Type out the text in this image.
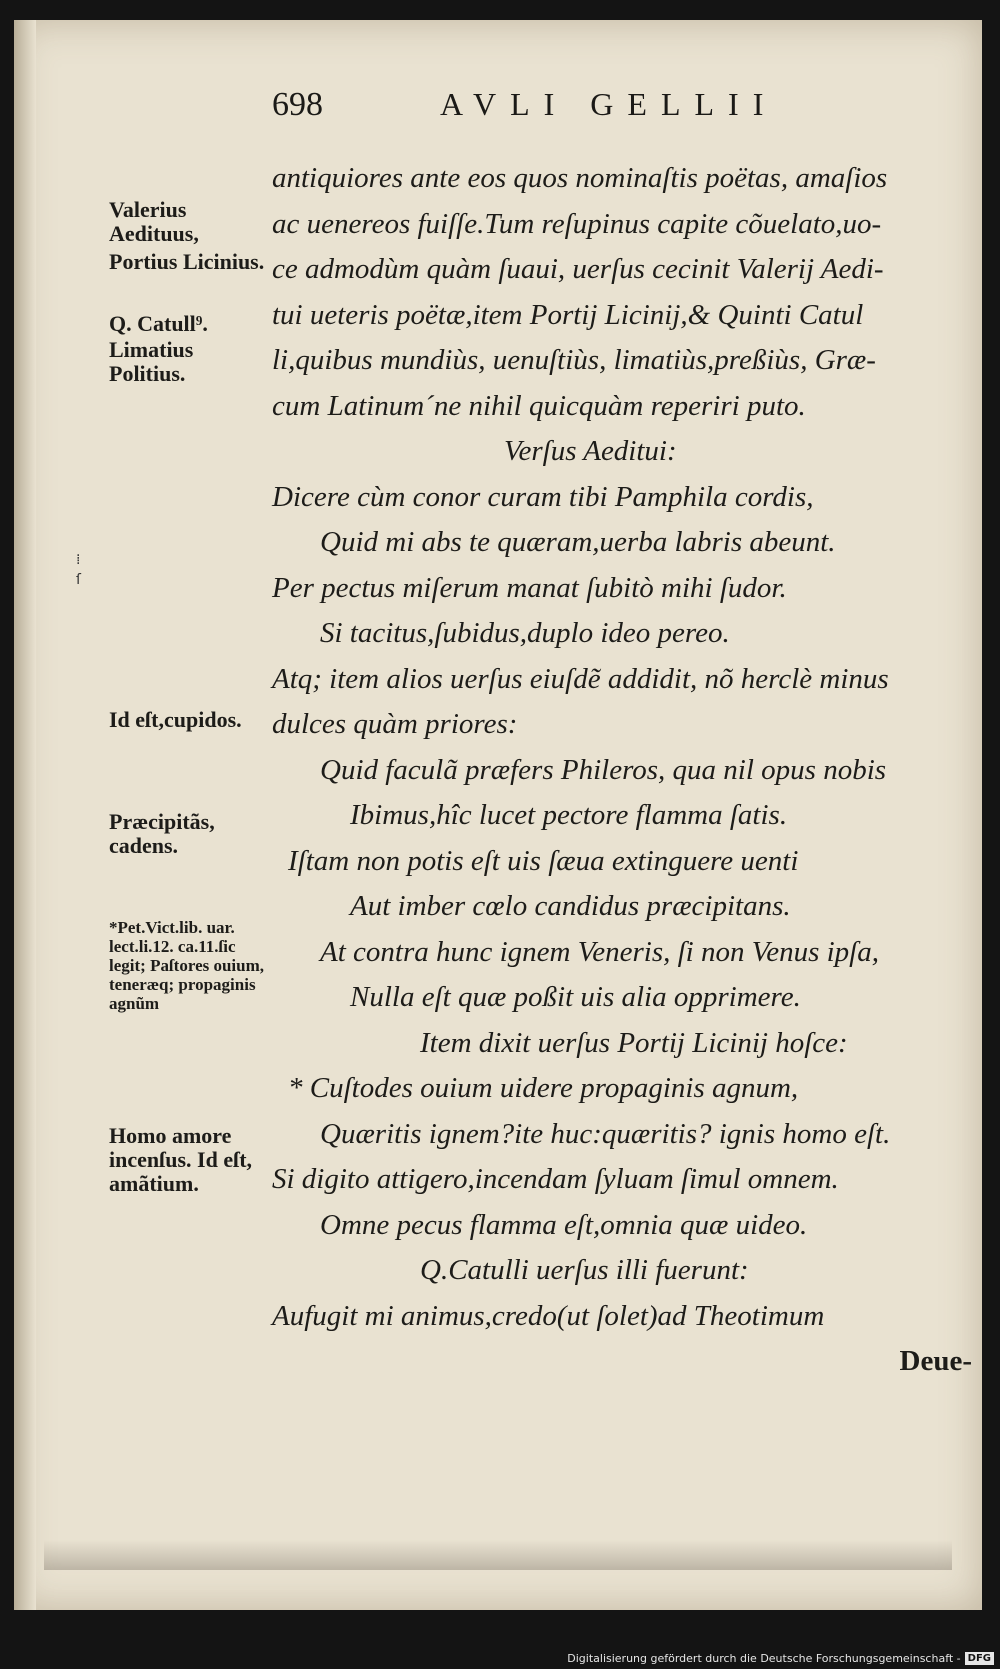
698	AVLI GELLII
Valerius Aedituus,
Portius Licinius.
Q. Catull⁹.
Limatius Politius.
Id eſt,cupidos.
Præcipitãs, cadens.
*Pet.Vict.lib. uar. lect.li.12. ca.11.ſic legit; Paſtores ouium, teneræq; propaginis agnũm
Homo amore incenſus. Id eſt, amãtium.
⁞
ſ
antiquiores ante eos quos nominaſtis poëtas, amaſios
ac uenereos fuiſſe.Tum reſupinus capite cõuelato,uo-
ce admodùm quàm ſuaui, uerſus cecinit Valerij Aedi-
tui ueteris poëtæ,item Portij Licinij,& Quinti Catul
li,quibus mundiùs, uenuſtiùs, limatiùs,preßiùs, Græ-
cum Latinum´ne nihil quicquàm reperiri puto.
Verſus Aeditui:
Dicere cùm conor curam tibi Pamphila cordis,
Quid mi abs te quæram,uerba labris abeunt.
Per pectus miſerum manat ſubitò mihi ſudor.
Si tacitus,ſubidus,duplo ideo pereo.
Atq; item alios uerſus eiuſdẽ addidit, nõ herclè minus
dulces quàm priores:
Quid faculã præfers Phileros, qua nil opus nobis
Ibimus,hîc lucet pectore flamma ſatis.
Iſtam non potis eſt uis ſæua extinguere uenti
Aut imber cœlo candidus præcipitans.
At contra hunc ignem Veneris, ſi non Venus ipſa,
Nulla eſt quæ poßit uis alia opprimere.
Item dixit uerſus Portij Licinij hoſce:
* Cuſtodes ouium uidere propaginis agnum,
Quæritis ignem?ite huc:quæritis? ignis homo eſt.
Si digito attigero,incendam ſyluam ſimul omnem.
Omne pecus flamma eſt,omnia quæ uideo.
Q.Catulli uerſus illi fuerunt:
Aufugit mi animus,credo(ut ſolet)ad Theotimum
Deue-
Digitalisierung gefördert durch die Deutsche Forschungsgemeinschaft - DFG
